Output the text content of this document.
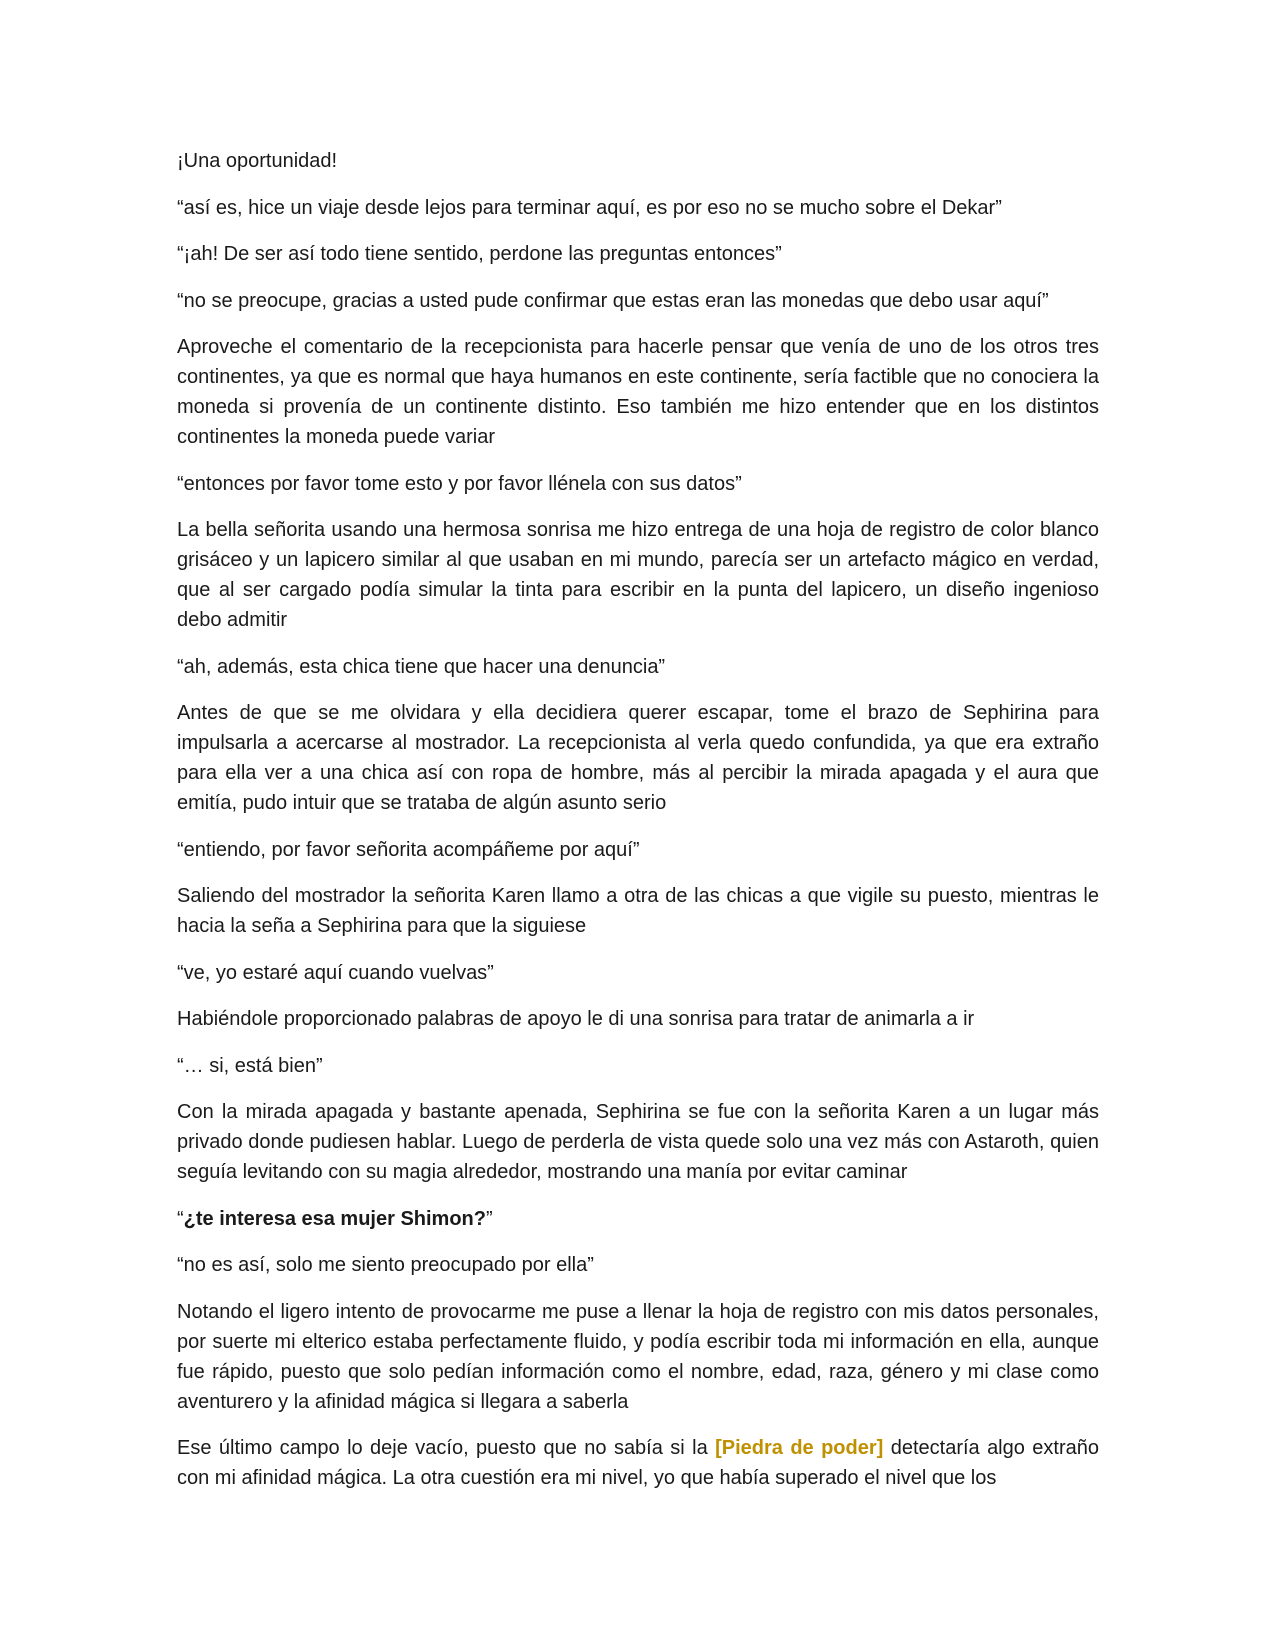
¡Una oportunidad!

“así es, hice un viaje desde lejos para terminar aquí, es por eso no se mucho sobre el Dekar”

“¡ah! De ser así todo tiene sentido, perdone las preguntas entonces”

“no se preocupe, gracias a usted pude confirmar que estas eran las monedas que debo usar aquí”

Aproveche el comentario de la recepcionista para hacerle pensar que venía de uno de los otros tres continentes, ya que es normal que haya humanos en este continente, sería factible que no conociera la moneda si provenía de un continente distinto. Eso también me hizo entender que en los distintos continentes la moneda puede variar

“entonces por favor tome esto y por favor llénela con sus datos”

La bella señorita usando una hermosa sonrisa me hizo entrega de una hoja de registro de color blanco grisáceo y un lapicero similar al que usaban en mi mundo, parecía ser un artefacto mágico en verdad, que al ser cargado podía simular la tinta para escribir en la punta del lapicero, un diseño ingenioso debo admitir

“ah, además, esta chica tiene que hacer una denuncia”

Antes de que se me olvidara y ella decidiera querer escapar, tome el brazo de Sephirina para impulsarla a acercarse al mostrador. La recepcionista al verla quedo confundida, ya que era extraño para ella ver a una chica así con ropa de hombre, más al percibir la mirada apagada y el aura que emitía, pudo intuir que se trataba de algún asunto serio

“entiendo, por favor señorita acompáñeme por aquí”

Saliendo del mostrador la señorita Karen llamo a otra de las chicas a que vigile su puesto, mientras le hacia la seña a Sephirina para que la siguiese

“ve, yo estaré aquí cuando vuelvas”

Habiéndole proporcionado palabras de apoyo le di una sonrisa para tratar de animarla a ir

“… si, está bien”

Con la mirada apagada y bastante apenada, Sephirina se fue con la señorita Karen a un lugar más privado donde pudiesen hablar. Luego de perderla de vista quede solo una vez más con Astaroth, quien seguía levitando con su magia alrededor, mostrando una manía por evitar caminar

“¿te interesa esa mujer Shimon?”

“no es así, solo me siento preocupado por ella”

Notando el ligero intento de provocarme me puse a llenar la hoja de registro con mis datos personales, por suerte mi elterico estaba perfectamente fluido, y podía escribir toda mi información en ella, aunque fue rápido, puesto que solo pedían información como el nombre, edad, raza, género y mi clase como aventurero y la afinidad mágica si llegara a saberla

Ese último campo lo deje vacío, puesto que no sabía si la [Piedra de poder] detectaría algo extraño con mi afinidad mágica. La otra cuestión era mi nivel, yo que había superado el nivel que los
